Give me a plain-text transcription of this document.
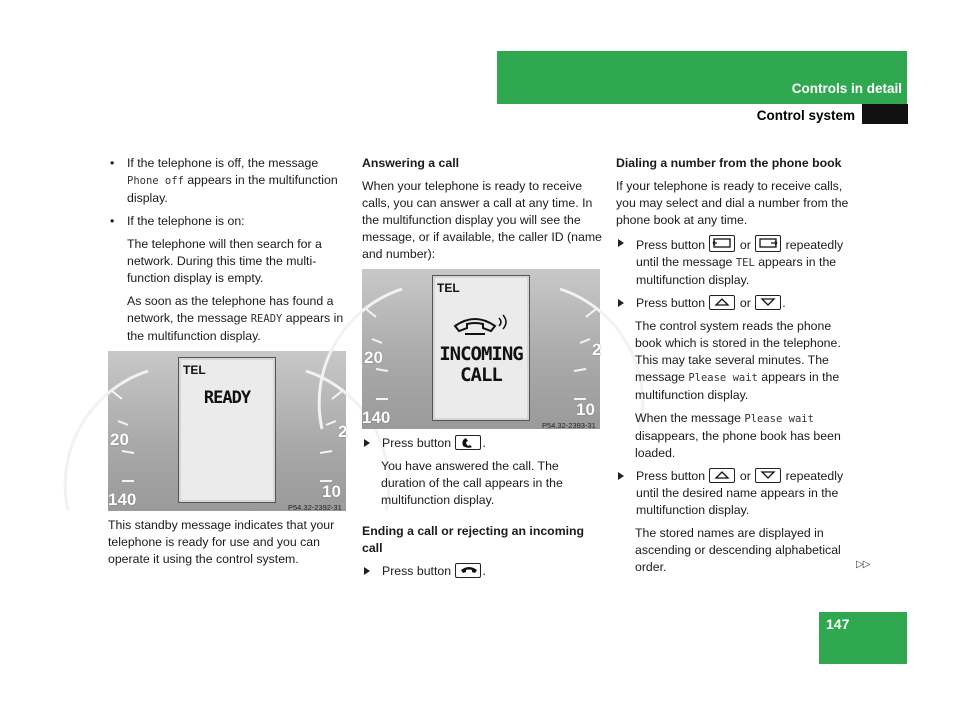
Controls in detail
Control system

• If the telephone is off, the message Phone off appears in the multifunction display.

• If the telephone is on:

The telephone will then search for a network. During this time the multi-function display is empty.

As soon as the telephone has found a network, the message READY appears in the multifunction display.

TEL
READY
20
140
2
10
P54.32-2392-31

This standby message indicates that your telephone is ready for use and you can operate it using the control system.

Answering a call

When your telephone is ready to receive calls, you can answer a call at any time. In the multifunction display you will see the message, or if available, the caller ID (name and number):

TEL
INCOMING
CALL
20
140
2
10
P54.32-2393-31

Press button	.

You have answered the call. The duration of the call appears in the multifunction display.

Ending a call or rejecting an incoming call

Press button	.

Dialing a number from the phone book

If your telephone is ready to receive calls, you may select and dial a number from the phone book at any time.

Press button	or	repeatedly until the message TEL appears in the multifunction display.

Press button	or	.

The control system reads the phone book which is stored in the telephone. This may take several minutes. The message Please wait appears in the multifunction display.

When the message Please wait disappears, the phone book has been loaded.

Press button	or	repeatedly until the desired name appears in the multifunction display.

The stored names are displayed in ascending or descending alphabetical order.	▷▷
147
